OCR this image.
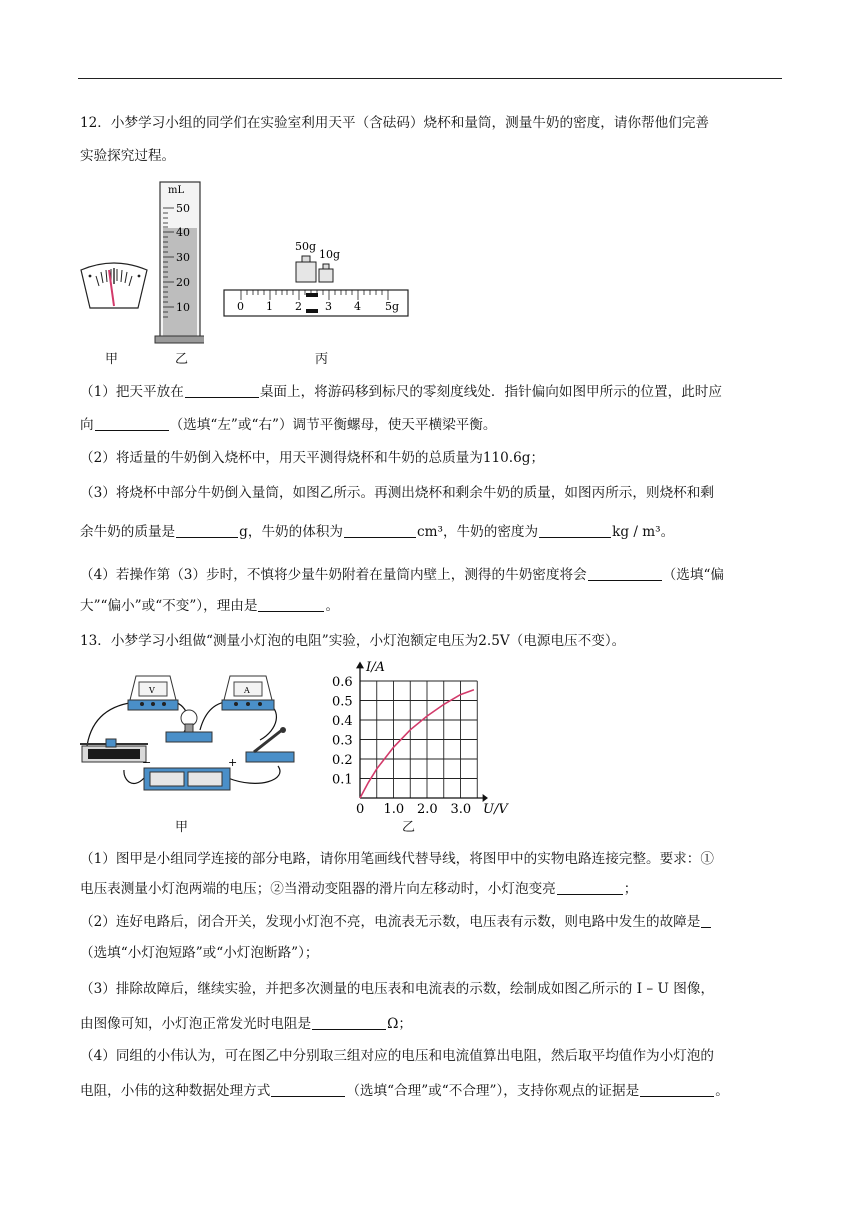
12．小梦学习小组的同学们在实验室利用天平（含砝码）烧杯和量筒，测量牛奶的密度，请你帮他们完善
实验探究过程。
甲
mL
50
40
30
20
10
乙
50g
10g
0 1 2 3 4 5g
丙
（1）把天平放在	桌面上，将游码移到标尺的零刻度线处．指针偏向如图甲所示的位置，此时应
向	（选填“左”或“右”）调节平衡螺母，使天平横梁平衡。
（2）将适量的牛奶倒入烧杯中，用天平测得烧杯和牛奶的总质量为110.6g；
（3）将烧杯中部分牛奶倒入量筒，如图乙所示。再测出烧杯和剩余牛奶的质量，如图丙所示，则烧杯和剩
余牛奶的质量是	g，牛奶的体积为	cm³，牛奶的密度为	kg / m³。
（4）若操作第（3）步时，不慎将少量牛奶附着在量筒内壁上，测得的牛奶密度将会	（选填“偏
大”“偏小”或“不变”），理由是	。
13．小梦学习小组做“测量小灯泡的电阻”实验，小灯泡额定电压为2.5V（电源电压不变）。
V	A
−	+
甲
0 1.0 2.0 3.0
0.1
0.2
0.3
0.4
0.5
0.6
I/A
U/V
乙
（1）图甲是小组同学连接的部分电路，请你用笔画线代替导线，将图甲中的实物电路连接完整。要求：①
电压表测量小灯泡两端的电压；②当滑动变阻器的滑片向左移动时，小灯泡变亮	；
（2）连好电路后，闭合开关，发现小灯泡不亮，电流表无示数，电压表有示数，则电路中发生的故障是
（选填“小灯泡短路”或“小灯泡断路”）；
（3）排除故障后，继续实验，并把多次测量的电压表和电流表的示数，绘制成如图乙所示的 I – U 图像，
由图像可知，小灯泡正常发光时电阻是	Ω；
（4）同组的小伟认为，可在图乙中分别取三组对应的电压和电流值算出电阻，然后取平均值作为小灯泡的
电阻，小伟的这种数据处理方式	（选填“合理”或“不合理”），支持你观点的证据是	。
